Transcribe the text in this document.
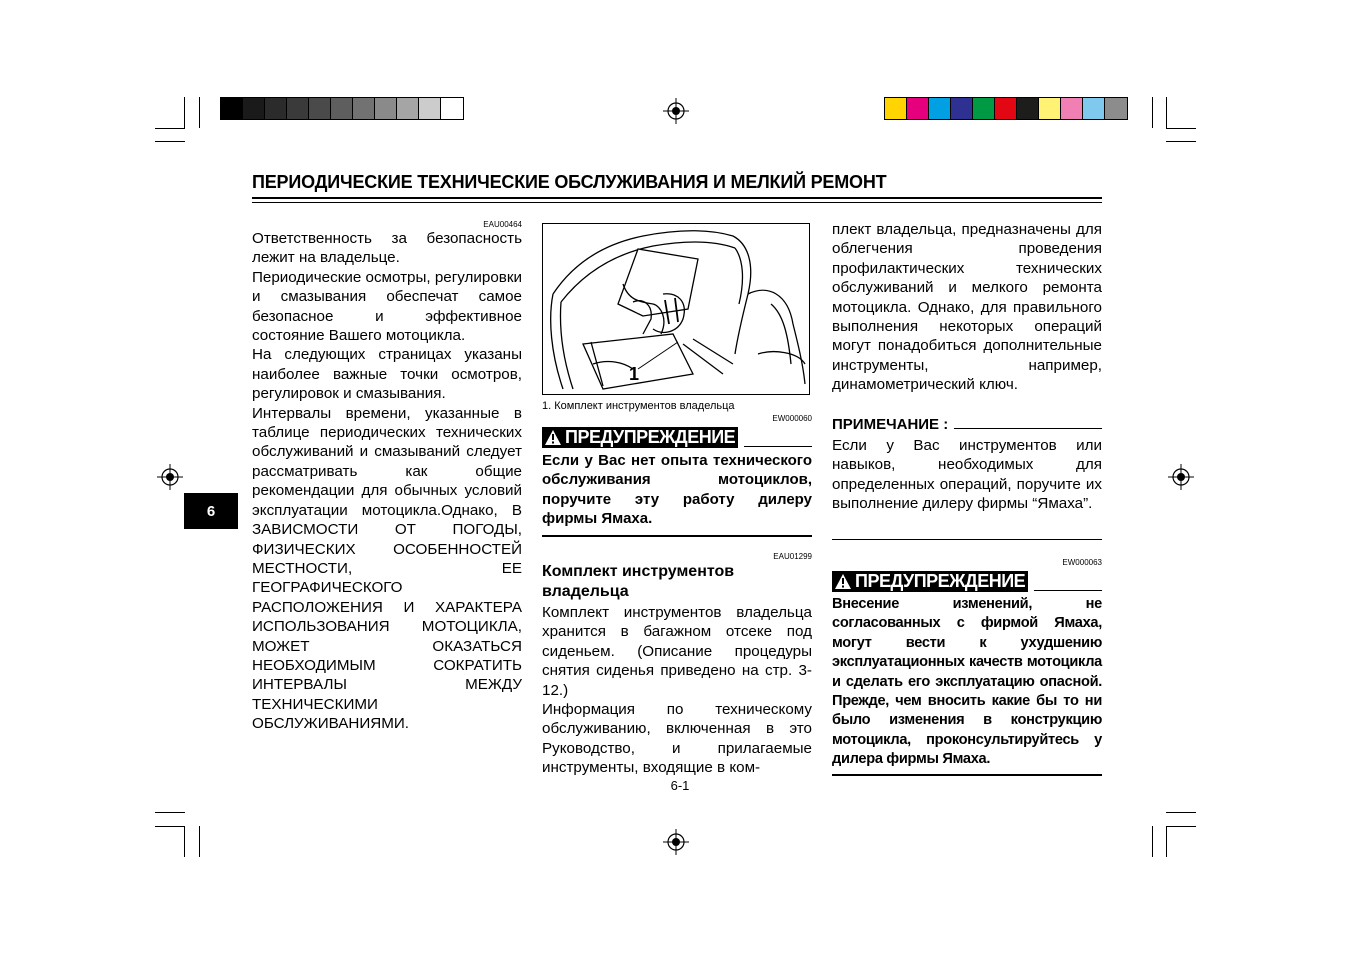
ПЕРИОДИЧЕСКИЕ ТЕХНИЧЕСКИЕ ОБСЛУЖИВАНИЯ И МЕЛКИЙ РЕМОНТ
6
EAU00464

Ответственность за безопасность лежит на владельце.

Периодические осмотры, регулировки и смазывания обеспечат самое безопасное и эффективное состояние Вашего мотоцикла.

На следующих страницах указаны наиболее важные точки осмотров, регулировок и смазывания.

Интервалы времени, указанные в таблице периодических технических обслуживаний и смазываний следует рассматривать как общие рекомендации для обычных условий эксплуатации мотоцикла.Однако, В ЗАВИСМОСТИ ОТ ПОГОДЫ, ФИЗИЧЕСКИХ ОСОБЕННОСТЕЙ МЕСТНОСТИ, ЕЕ ГЕОГРАФИЧЕСКОГО РАСПОЛОЖЕНИЯ И ХАРАКТЕРА ИСПОЛЬЗОВАНИЯ МОТОЦИКЛА, МОЖЕТ ОКАЗАТЬСЯ НЕОБХОДИМЫМ СОКРАТИТЬ ИНТЕРВАЛЫ МЕЖДУ ТЕХНИЧЕСКИМИ ОБСЛУЖИВАНИЯМИ.

1
1. Комплект инструментов владельца
EW000060
ПРЕДУПРЕЖДЕНИЕ
Если у Вас нет опыта технического обслуживания мотоциклов, поручите эту работу дилеру фирмы Ямаха.
EAU01299
Комплект инструментов владельца

Комплект инструментов владельца хранится в багажном отсеке под сиденьем. (Описание процедуры снятия сиденья приведено на стр. 3-12.)

Информация по техническому обслуживанию, включенная в это Руководство, и прилагаемые инструменты, входящие в ком-

6-1
плект владельца, предназначены для облегчения проведения профилактических технических обслуживаний и мелкого ремонта мотоцикла. Однако, для правильного выполнения некоторых операций могут понадобиться дополнительные инструменты, например, динамометрический ключ.
ПРИМЕЧАНИЕ :
Если у Вас инструментов или навыков, необходимых для определенных операций, поручите их выполнение дилеру фирмы “Ямаха”.
EW000063
ПРЕДУПРЕЖДЕНИЕ
Внесение изменений, не согласованных с фирмой Ямаха, могут вести к ухудшению эксплуатационных качеств мотоцикла и сделать его эксплуатацию опасной. Прежде, чем вносить какие бы то ни было изменения в конструкцию мотоцикла, проконсультируйтесь у дилера фирмы Ямаха.
